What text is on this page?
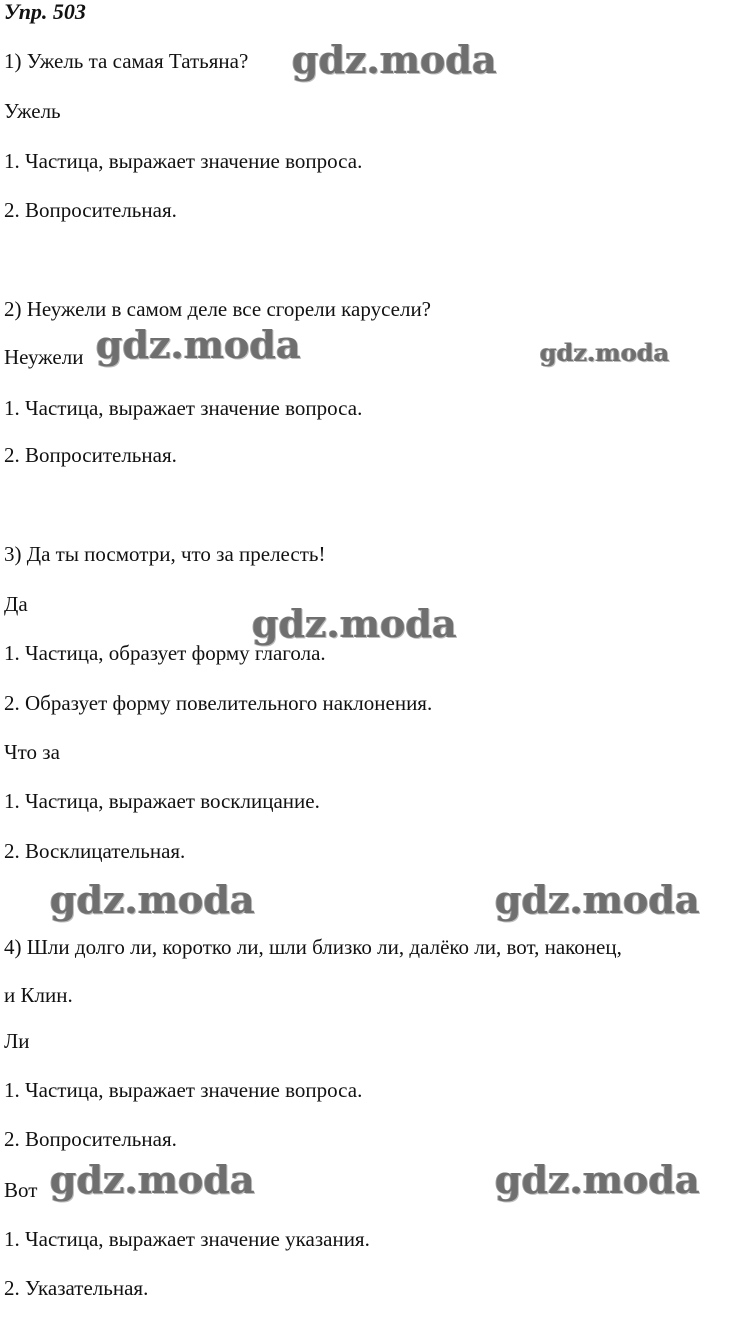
Упр. 503
1) Ужель та самая Татьяна?
Ужель
1. Частица, выражает значение вопроса.
2. Вопросительная.
2) Неужели в самом деле все сгорели карусели?
Неужели
1. Частица, выражает значение вопроса.
2. Вопросительная.
3) Да ты посмотри, что за прелесть!
Да
1. Частица, образует форму глагола.
2. Образует форму повелительного наклонения.
Что за
1. Частица, выражает восклицание.
2. Восклицательная.
4) Шли долго ли, коротко ли, шли близко ли, далёко ли, вот, наконец,
и Клин.
Ли
1. Частица, выражает значение вопроса.
2. Вопросительная.
Вот
1. Частица, выражает значение указания.
2. Указательная.
gdz.moda
gdz.moda	gdz.moda
gdz.moda
gdz.moda	gdz.moda
gdz.moda	gdz.moda
